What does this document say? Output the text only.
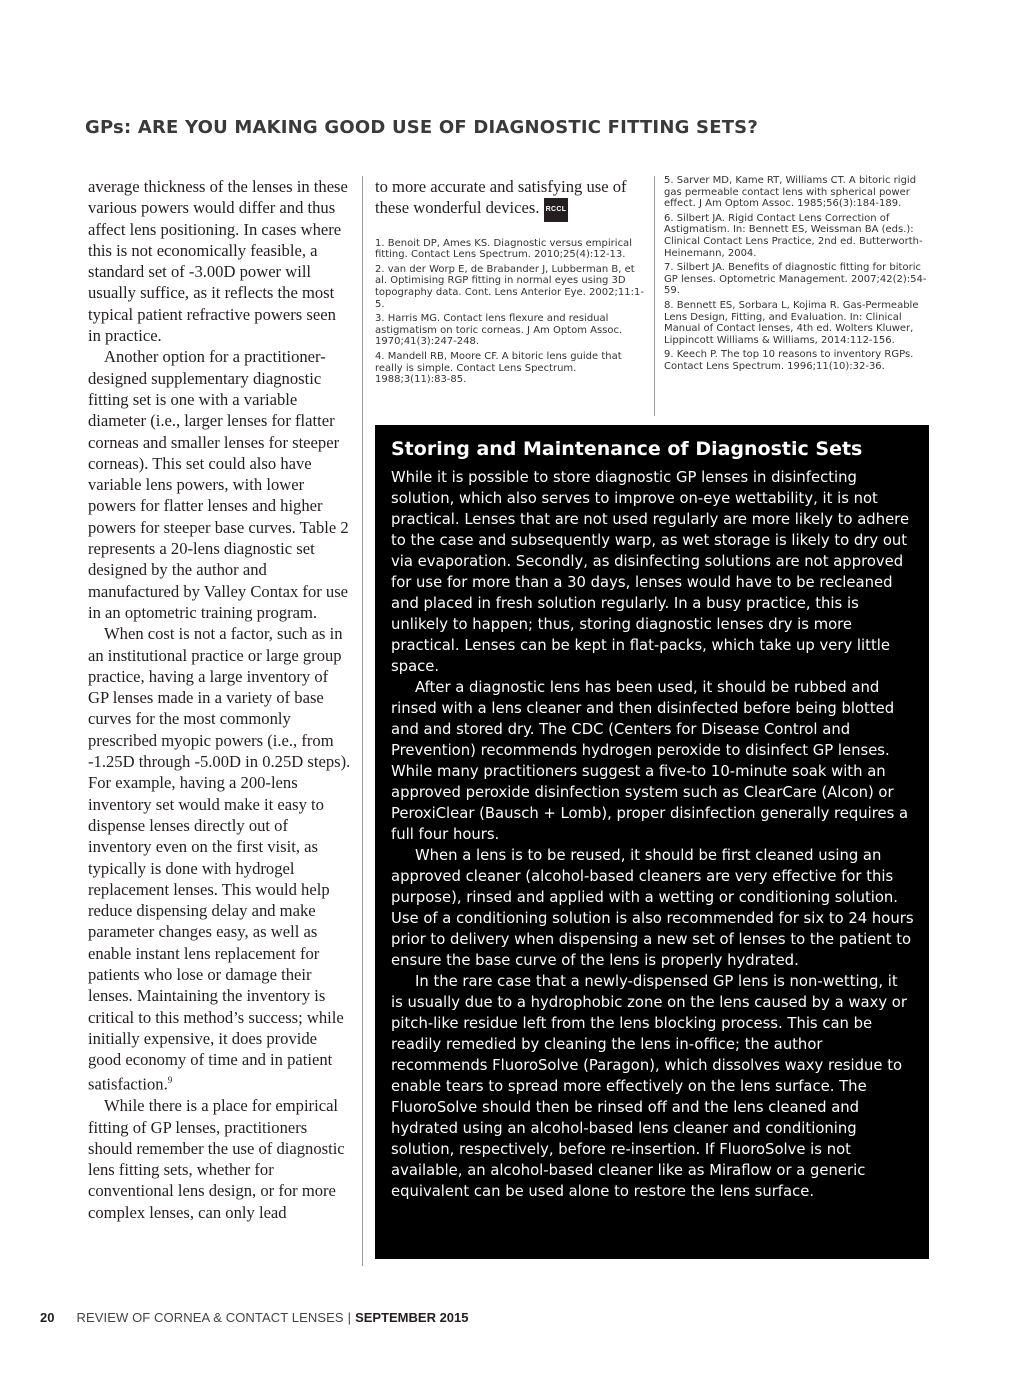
GPs: ARE YOU MAKING GOOD USE OF DIAGNOSTIC FITTING SETS?

average thickness of the lenses in these various powers would differ and thus affect lens positioning. In cases where this is not economically feasible, a standard set of -3.00D power will usually suffice, as it reflects the most typical patient refractive powers seen in practice.

Another option for a practitioner-designed supplementary diagnostic fitting set is one with a variable diameter (i.e., larger lenses for flatter corneas and smaller lenses for steeper corneas). This set could also have variable lens powers, with lower powers for flatter lenses and higher powers for steeper base curves. Table 2 represents a 20-lens diagnostic set designed by the author and manufactured by Valley Contax for use in an optometric training program.

When cost is not a factor, such as in an institutional practice or large group practice, having a large inventory of GP lenses made in a variety of base curves for the most commonly prescribed myopic powers (i.e., from -1.25D through -5.00D in 0.25D steps). For example, having a 200-lens inventory set would make it easy to dispense lenses directly out of inventory even on the first visit, as typically is done with hydrogel replacement lenses. This would help reduce dispensing delay and make parameter changes easy, as well as enable instant lens replacement for patients who lose or damage their lenses. Maintaining the inventory is critical to this method’s success; while initially expensive, it does provide good economy of time and in patient satisfaction.$^9$

While there is a place for empirical fitting of GP lenses, practitioners should remember the use of diagnostic lens fitting sets, whether for conventional lens design, or for more complex lenses, can only lead

to more accurate and satisfying use of these wonderful devices. RCCL

1. Benoit DP, Ames KS. Diagnostic versus empirical fitting. Contact Lens Spectrum. 2010;25(4):12-13.

2. van der Worp E, de Brabander J, Lubberman B, et al. Optimising RGP fitting in normal eyes using 3D topography data. Cont. Lens Anterior Eye. 2002;11:1-5.

3. Harris MG. Contact lens flexure and residual astigmatism on toric corneas. J Am Optom Assoc. 1970;41(3):247-248.

4. Mandell RB, Moore CF. A bitoric lens guide that really is simple. Contact Lens Spectrum. 1988;3(11):83-85.

5. Sarver MD, Kame RT, Williams CT. A bitoric rigid gas permeable contact lens with spherical power effect. J Am Optom Assoc. 1985;56(3):184-189.

6. Silbert JA. Rigid Contact Lens Correction of Astigmatism. In: Bennett ES, Weissman BA (eds.): Clinical Contact Lens Practice, 2nd ed. Butterworth-Heinemann, 2004.

7. Silbert JA. Benefits of diagnostic fitting for bitoric GP lenses. Optometric Management. 2007;42(2):54-59.

8. Bennett ES, Sorbara L, Kojima R. Gas-Permeable Lens Design, Fitting, and Evaluation. In: Clinical Manual of Contact lenses, 4th ed. Wolters Kluwer, Lippincott Williams & Williams, 2014:112-156.

9. Keech P. The top 10 reasons to inventory RGPs. Contact Lens Spectrum. 1996;11(10):32-36.

Storing and Maintenance of Diagnostic Sets

While it is possible to store diagnostic GP lenses in disinfecting solution, which also serves to improve on-eye wettability, it is not practical. Lenses that are not used regularly are more likely to adhere to the case and subsequently warp, as wet storage is likely to dry out via evaporation. Secondly, as disinfecting solutions are not approved for use for more than a 30 days, lenses would have to be recleaned and placed in fresh solution regularly. In a busy practice, this is unlikely to happen; thus, storing diagnostic lenses dry is more practical. Lenses can be kept in flat-packs, which take up very little space.

After a diagnostic lens has been used, it should be rubbed and rinsed with a lens cleaner and then disinfected before being blotted and and stored dry. The CDC (Centers for Disease Control and Prevention) recommends hydrogen peroxide to disinfect GP lenses. While many practitioners suggest a five-to 10-minute soak with an approved peroxide disinfection system such as ClearCare (Alcon) or PeroxiClear (Bausch + Lomb), proper disinfection generally requires a full four hours.

When a lens is to be reused, it should be first cleaned using an approved cleaner (alcohol-based cleaners are very effective for this purpose), rinsed and applied with a wetting or conditioning solution. Use of a conditioning solution is also recommended for six to 24 hours prior to delivery when dispensing a new set of lenses to the patient to ensure the base curve of the lens is properly hydrated.

In the rare case that a newly-dispensed GP lens is non-wetting, it is usually due to a hydrophobic zone on the lens caused by a waxy or pitch-like residue left from the lens blocking process. This can be readily remedied by cleaning the lens in-office; the author recommends FluoroSolve (Paragon), which dissolves waxy residue to enable tears to spread more effectively on the lens surface. The FluoroSolve should then be rinsed off and the lens cleaned and hydrated using an alcohol-based lens cleaner and conditioning solution, respectively, before re-insertion. If FluoroSolve is not available, an alcohol-based cleaner like as Miraflow or a generic equivalent can be used alone to restore the lens surface.

20 REVIEW OF CORNEA & CONTACT LENSES | SEPTEMBER 2015
